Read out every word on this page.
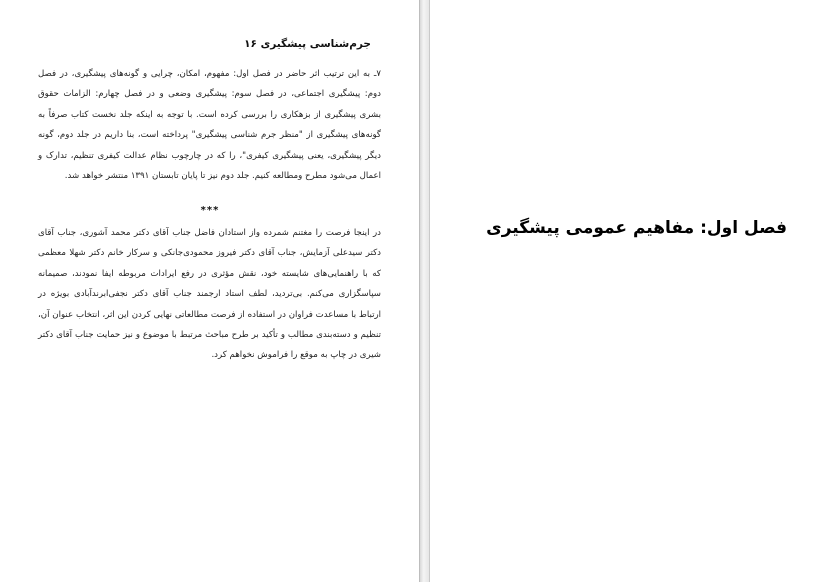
جرم‌شناسی پیشگیری ۱۶

۷ـ به این ترتیب اثر حاضر در فصل اول: مفهوم، امکان، چرایی و گونه‌های پیشگیری، در فصل دوم: پیشگیری اجتماعی، در فصل سوم: پیشگیری وضعی و در فصل چهارم: الزامات حقوق بشری پیشگیری از بزهکاری را بررسی کرده است. با توجه به اینکه جلد نخست کتاب صرفاً به گونه‌های پیشگیری از "منظر جرم شناسی پیشگیری" پرداخته است، بنا داریم در جلد دوم، گونه دیگر پیشگیری، یعنی پیشگیری کیفری"، را که در چارچوب نظام عدالت کیفری تنظیم، تدارک و اعمال می‌شود مطرح ومطالعه کنیم. جلد دوم نیز تا پایان تابستان ۱۳۹۱ منتشر خواهد شد.

***

در اینجا فرصت را مغتنم شمرده واز استادان فاضل جناب آقای دکتر محمد آشوری، جناب آقای دکتر سیدعلی آزمایش، جناب آقای دکتر فیروز محمودی‌جانکی و سرکار خانم دکتر شهلا معظمی که با راهنمایی‌های شایسته خود، نقش مؤثری در رفع ایرادات مربوطه ایفا نمودند، صمیمانه سپاسگزاری می‌کنم. بی‌تردید، لطف استاد ارجمند جناب آقای دکتر نجفی‌ابرندآبادی بویژه در ارتباط با مساعدت فراوان در استفاده از فرصت مطالعاتی نهایی کردن این اثر، انتخاب عنوان آن، تنظیم و دسته‌بندی مطالب و تأکید بر طرح مباحث مرتبط با موضوع و نیز حمایت جناب آقای دکتر شیری در چاپ به موقع را فراموش نخواهم کرد.

فصل اول: مفاهیم عمومی پیشگیری
